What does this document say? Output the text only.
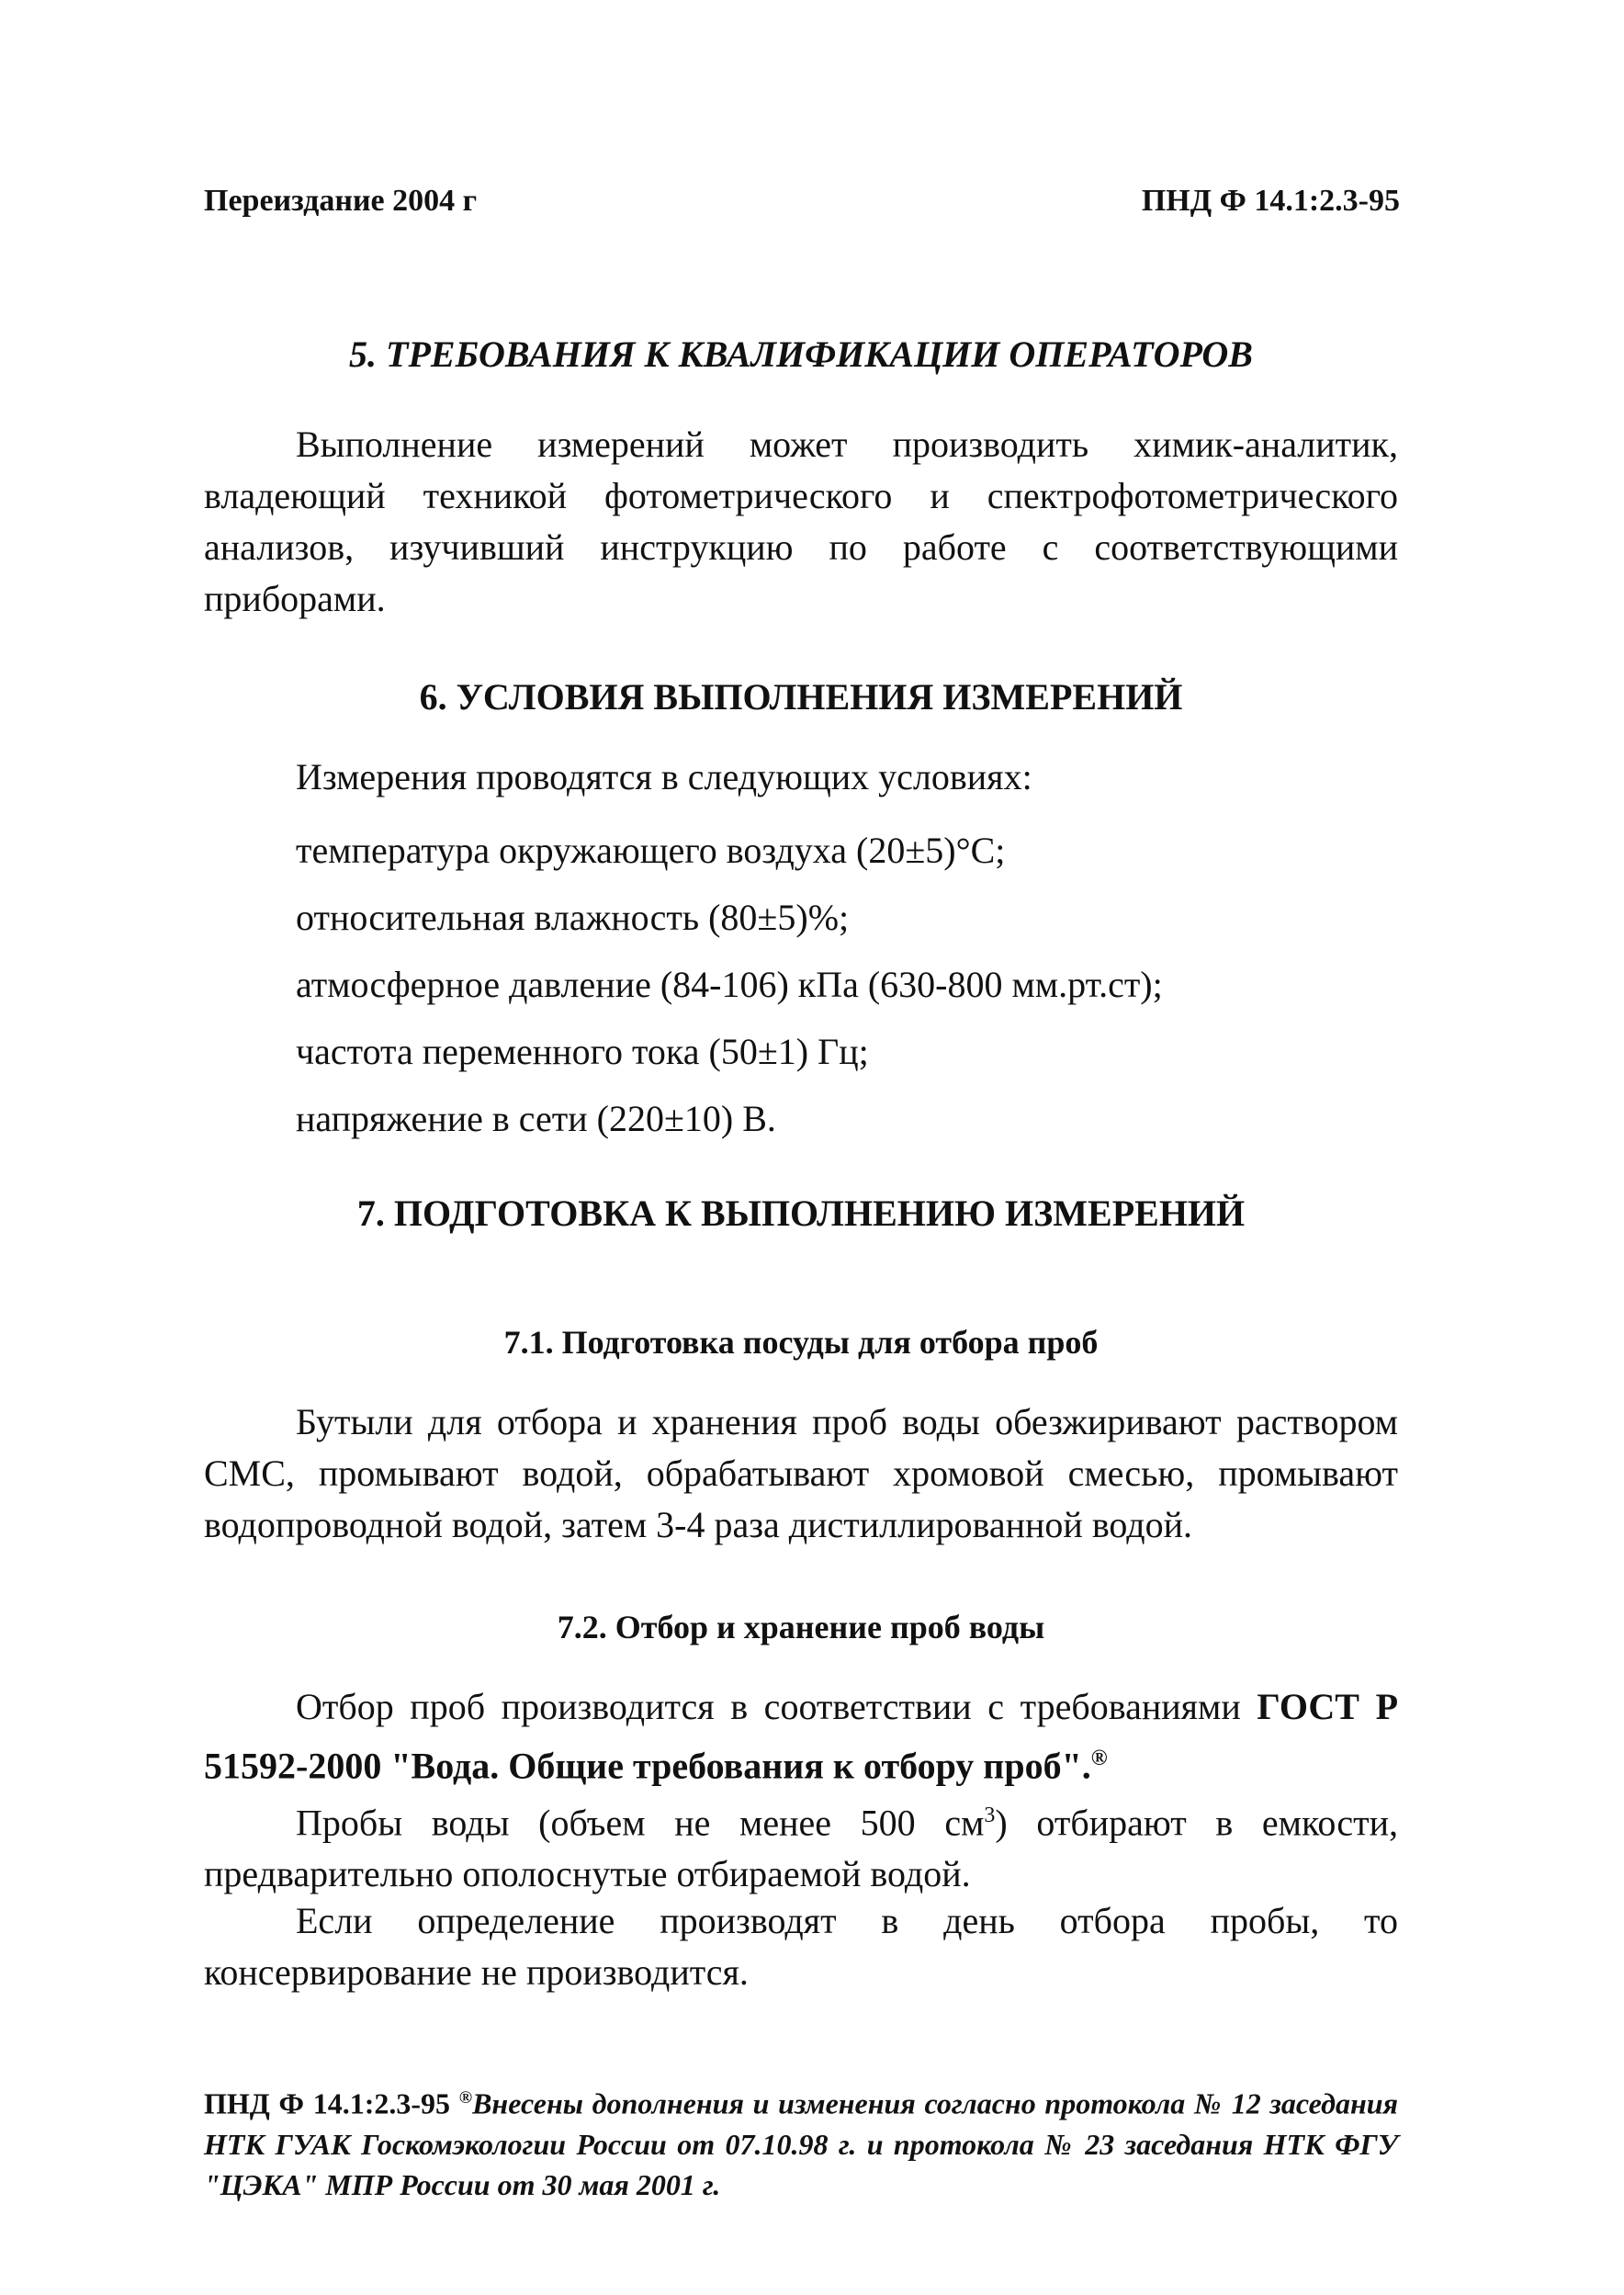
Переиздание 2004 г	ПНД Ф 14.1:2.3-95
5. ТРЕБОВАНИЯ К КВАЛИФИКАЦИИ ОПЕРАТОРОВ
Выполнение измерений может производить химик-аналитик, владеющий техникой фотометрического и спектрофотометрического анализов, изучивший инструкцию по работе с соответствующими приборами.
6. УСЛОВИЯ ВЫПОЛНЕНИЯ ИЗМЕРЕНИЙ
Измерения проводятся в следующих условиях:
температура окружающего воздуха (20±5)°С;
относительная влажность (80±5)%;
атмосферное давление (84-106) кПа (630-800 мм.рт.ст);
частота переменного тока (50±1) Гц;
напряжение в сети (220±10) В.
7. ПОДГОТОВКА К ВЫПОЛНЕНИЮ ИЗМЕРЕНИЙ
7.1. Подготовка посуды для отбора проб
Бутыли для отбора и хранения проб воды обезжиривают раствором СМС, промывают водой, обрабатывают хромовой смесью, промывают водопроводной водой, затем 3-4 раза дистиллированной водой.
7.2. Отбор и хранение проб воды
Отбор проб производится в соответствии с требованиями ГОСТ Р 51592-2000 "Вода. Общие требования к отбору проб".®
Пробы воды (объем не менее 500 $см^3$) отбирают в емкости, предварительно ополоснутые отбираемой водой.
Если определение производят в день отбора пробы, то консервирование не производится.
ПНД Ф 14.1:2.3-95 ®Внесены дополнения и изменения согласно протокола № 12 заседания НТК ГУАК Госкомэкологии России от 07.10.98 г. и протокола № 23 заседания НТК ФГУ "ЦЭКА" МПР России от 30 мая 2001 г.
